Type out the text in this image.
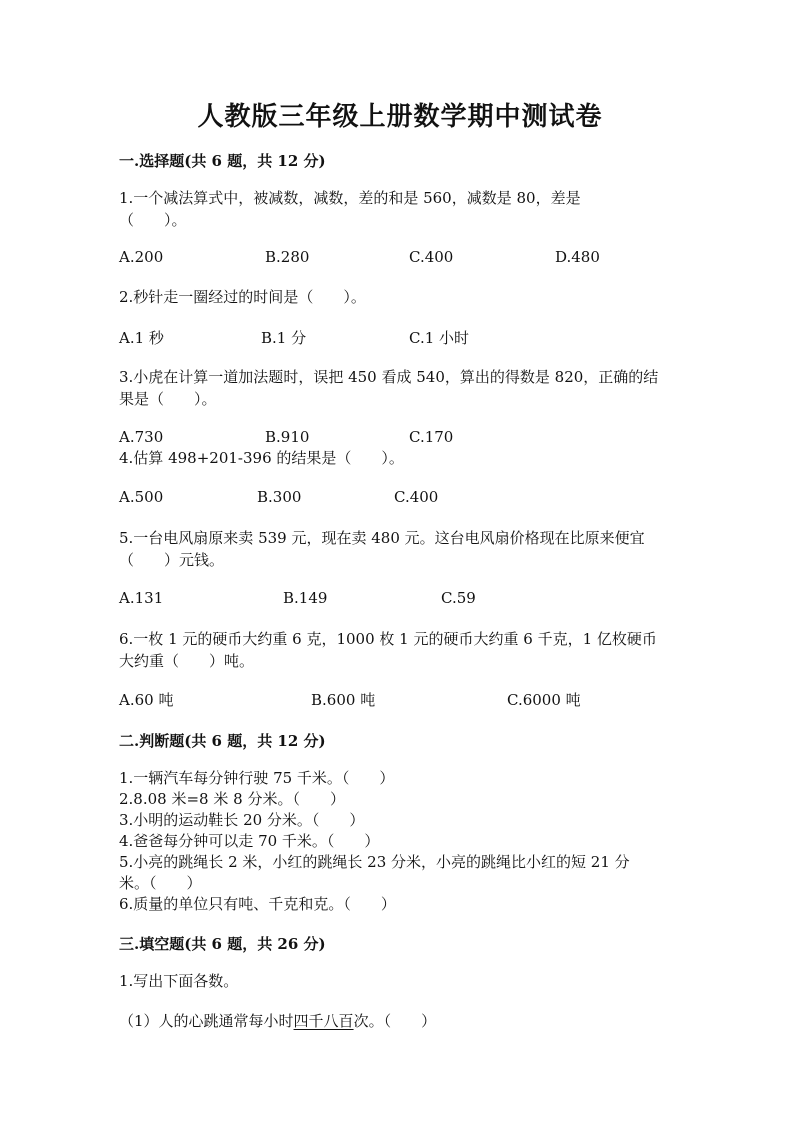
人教版三年级上册数学期中测试卷
一.选择题(共 6 题，共 12 分)
1.一个减法算式中，被减数，减数，差的和是 560，减数是 80，差是
（　　）。
A.200	B.280	C.400	D.480
2.秒针走一圈经过的时间是（　　）。
A.1 秒	B.1 分	C.1 小时
3.小虎在计算一道加法题时，误把 450 看成 540，算出的得数是 820，正确的结
果是（　　）。
A.730	B.910	C.170
4.估算 498+201-396 的结果是（　　）。
A.500	B.300	C.400
5.一台电风扇原来卖 539 元，现在卖 480 元。这台电风扇价格现在比原来便宜
（　　）元钱。
A.131	B.149	C.59
6.一枚 1 元的硬币大约重 6 克，1000 枚 1 元的硬币大约重 6 千克，1 亿枚硬币
大约重（　　）吨。
A.60 吨	B.600 吨	C.6000 吨
二.判断题(共 6 题，共 12 分)
1.一辆汽车每分钟行驶 75 千米。（　　）
2.8.08 米=8 米 8 分米。（　　）
3.小明的运动鞋长 20 分米。（　　）
4.爸爸每分钟可以走 70 千米。（　　）
5.小亮的跳绳长 2 米，小红的跳绳长 23 分米，小亮的跳绳比小红的短 21 分
米。（　　）
6.质量的单位只有吨、千克和克。（　　）
三.填空题(共 6 题，共 26 分)
1.写出下面各数。
（1）人的心跳通常每小时四千八百次。（　　）
